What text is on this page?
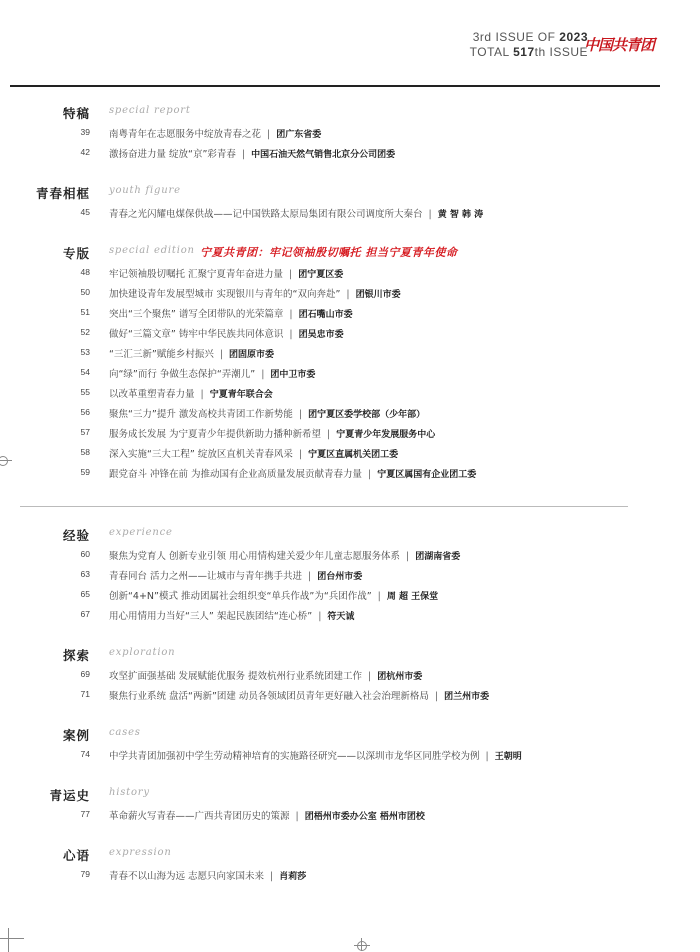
3rd ISSUE OF 2023
TOTAL 517th ISSUE
中国共青团
特稿 special report
39 南粤青年在志愿服务中绽放青春之花 | 团广东省委
42 激扬奋进力量 绽放“京”彩青春 | 中国石油天然气销售北京分公司团委
青春相框 youth figure
45 青春之光闪耀电煤保供战——记中国铁路太原局集团有限公司调度所大秦台 | 黄 智 韩 涛
专版 special edition 宁夏共青团：牢记领袖殷切嘱托 担当宁夏青年使命
48 牢记领袖殷切嘱托 汇聚宁夏青年奋进力量 | 团宁夏区委
50 加快建设青年发展型城市 实现银川与青年的“双向奔赴” | 团银川市委
51 突出“三个聚焦” 谱写全团带队的光荣篇章 | 团石嘴山市委
52 做好“三篇文章” 铸牢中华民族共同体意识 | 团吴忠市委
53 “三汇三新”赋能乡村振兴 | 团固原市委
54 向“绿”而行 争做生态保护“弄潮儿” | 团中卫市委
55 以改革重塑青春力量 | 宁夏青年联合会
56 聚焦“三力”提升 激发高校共青团工作新势能 | 团宁夏区委学校部（少年部）
57 服务成长发展 为宁夏青少年提供新助力播种新希望 | 宁夏青少年发展服务中心
58 深入实施“三大工程” 绽放区直机关青春风采 | 宁夏区直属机关团工委
59 跟党奋斗 冲锋在前 为推动国有企业高质量发展贡献青春力量 | 宁夏区属国有企业团工委
经验 experience
60 聚焦为党育人 创新专业引领 用心用情构建关爱少年儿童志愿服务体系 | 团湖南省委
63 青春同台 活力之州——让城市与青年携手共进 | 团台州市委
65 创新“4+N”模式 推动团属社会组织变“单兵作战”为“兵团作战” | 周 超 王保堂
67 用心用情用力当好“三人” 架起民族团结“连心桥” | 符天诚
探索 exploration
69 攻坚扩面强基础 发展赋能优服务 提效杭州行业系统团建工作 | 团杭州市委
71 聚焦行业系统 盘活“两新”团建 动员各领域团员青年更好融入社会治理新格局 | 团兰州市委
案例 cases
74 中学共青团加强初中学生劳动精神培育的实施路径研究——以深圳市龙华区同胜学校为例 | 王朝明
青运史 history
77 革命薪火写青春——广西共青团历史的策源 | 团梧州市委办公室 梧州市团校
心语 expression
79 青春不以山海为远 志愿只向家国未来 | 肖莉莎
